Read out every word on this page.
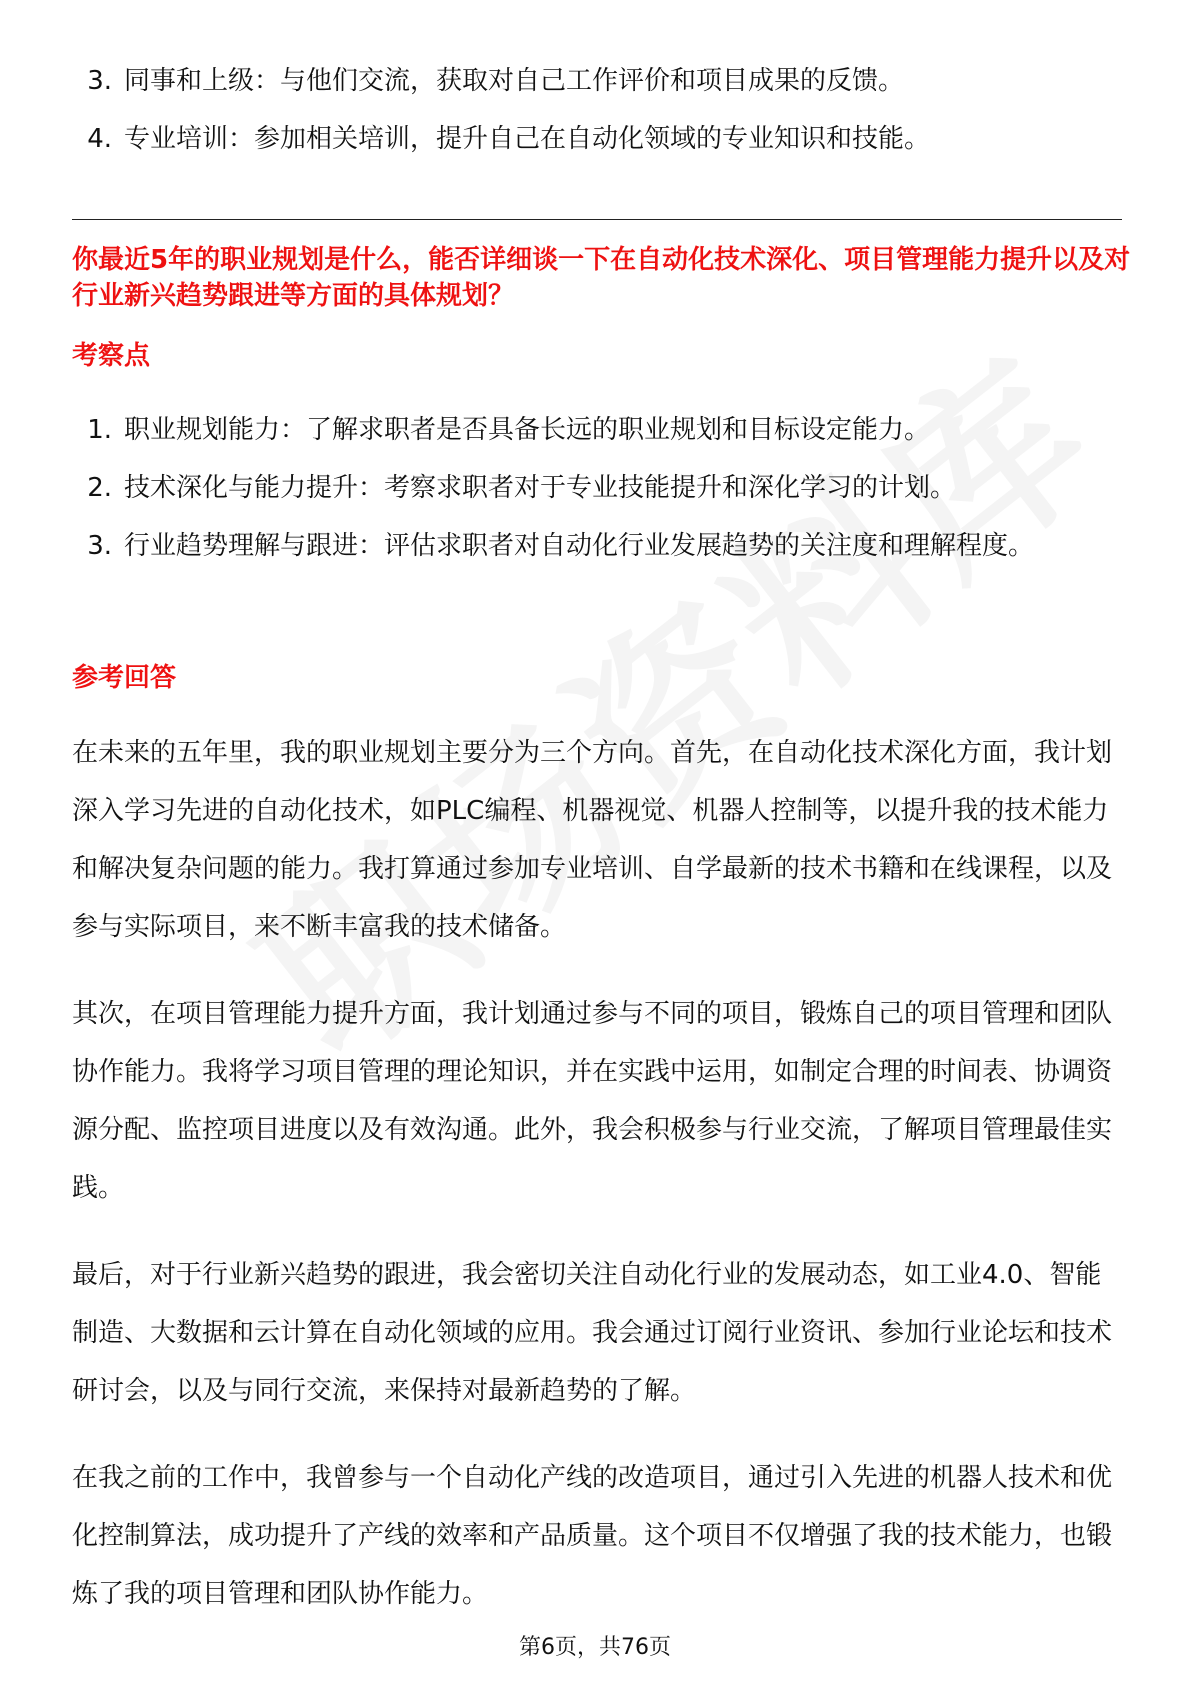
3. 同事和上级：与他们交流，获取对自己工作评价和项目成果的反馈。
4. 专业培训：参加相关培训，提升自己在自动化领域的专业知识和技能。
你最近5年的职业规划是什么，能否详细谈一下在自动化技术深化、项目管理能力提升以及对行业新兴趋势跟进等方面的具体规划？
考察点
1. 职业规划能力：了解求职者是否具备长远的职业规划和目标设定能力。
2. 技术深化与能力提升：考察求职者对于专业技能提升和深化学习的计划。
3. 行业趋势理解与跟进：评估求职者对自动化行业发展趋势的关注度和理解程度。
参考回答

在未来的五年里，我的职业规划主要分为三个方向。首先，在自动化技术深化方面，我计划深入学习先进的自动化技术，如PLC编程、机器视觉、机器人控制等，以提升我的技术能力和解决复杂问题的能力。我打算通过参加专业培训、自学最新的技术书籍和在线课程，以及参与实际项目，来不断丰富我的技术储备。

其次，在项目管理能力提升方面，我计划通过参与不同的项目，锻炼自己的项目管理和团队协作能力。我将学习项目管理的理论知识，并在实践中运用，如制定合理的时间表、协调资源分配、监控项目进度以及有效沟通。此外，我会积极参与行业交流，了解项目管理最佳实践。

最后，对于行业新兴趋势的跟进，我会密切关注自动化行业的发展动态，如工业4.0、智能制造、大数据和云计算在自动化领域的应用。我会通过订阅行业资讯、参加行业论坛和技术研讨会，以及与同行交流，来保持对最新趋势的了解。

在我之前的工作中，我曾参与一个自动化产线的改造项目，通过引入先进的机器人技术和优化控制算法，成功提升了产线的效率和产品质量。这个项目不仅增强了我的技术能力，也锻炼了我的项目管理和团队协作能力。

第6页，共76页
